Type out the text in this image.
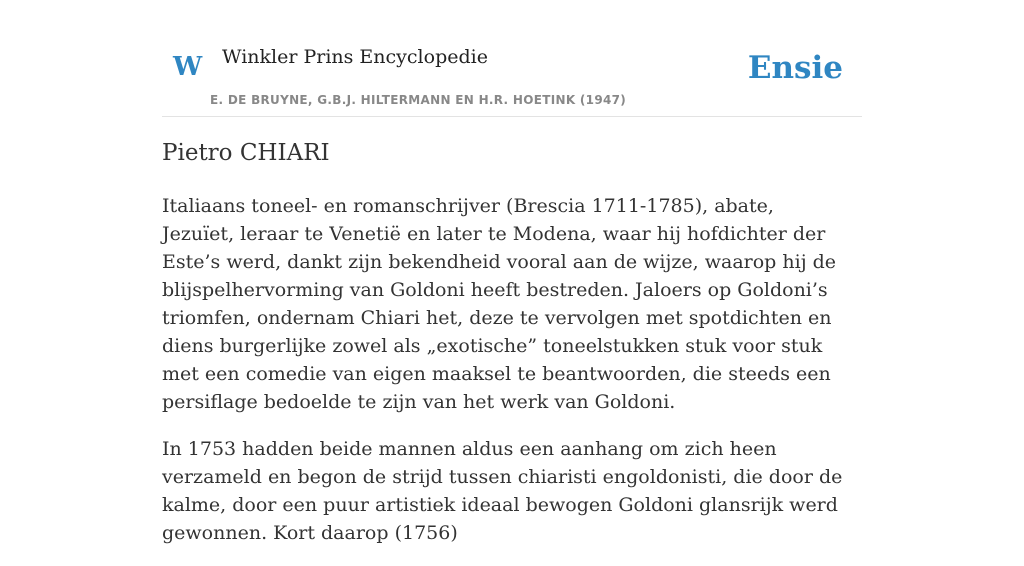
W Winkler Prins Encyclopedie
E. DE BRUYNE, G.B.J. HILTERMANN EN H.R. HOETINK (1947)
Ensie
Pietro CHIARI

Italiaans toneel- en romanschrijver (Brescia 1711-1785), abate, Jezuïet, leraar te Venetië en later te Modena, waar hij hofdichter der Este’s werd, dankt zijn bekendheid vooral aan de wijze, waarop hij de blijspelhervorming van Goldoni heeft bestreden. Jaloers op Goldoni’s triomfen, ondernam Chiari het, deze te vervolgen met spotdichten en diens burgerlijke zowel als „exotische” toneelstukken stuk voor stuk met een comedie van eigen maaksel te beantwoorden, die steeds een persiflage bedoelde te zijn van het werk van Goldoni.

In 1753 hadden beide mannen aldus een aanhang om zich heen verzameld en begon de strijd tussen chiaristi engoldonisti, die door de kalme, door een puur artistiek ideaal bewogen Goldoni glansrijk werd gewonnen. Kort daarop (1756)
